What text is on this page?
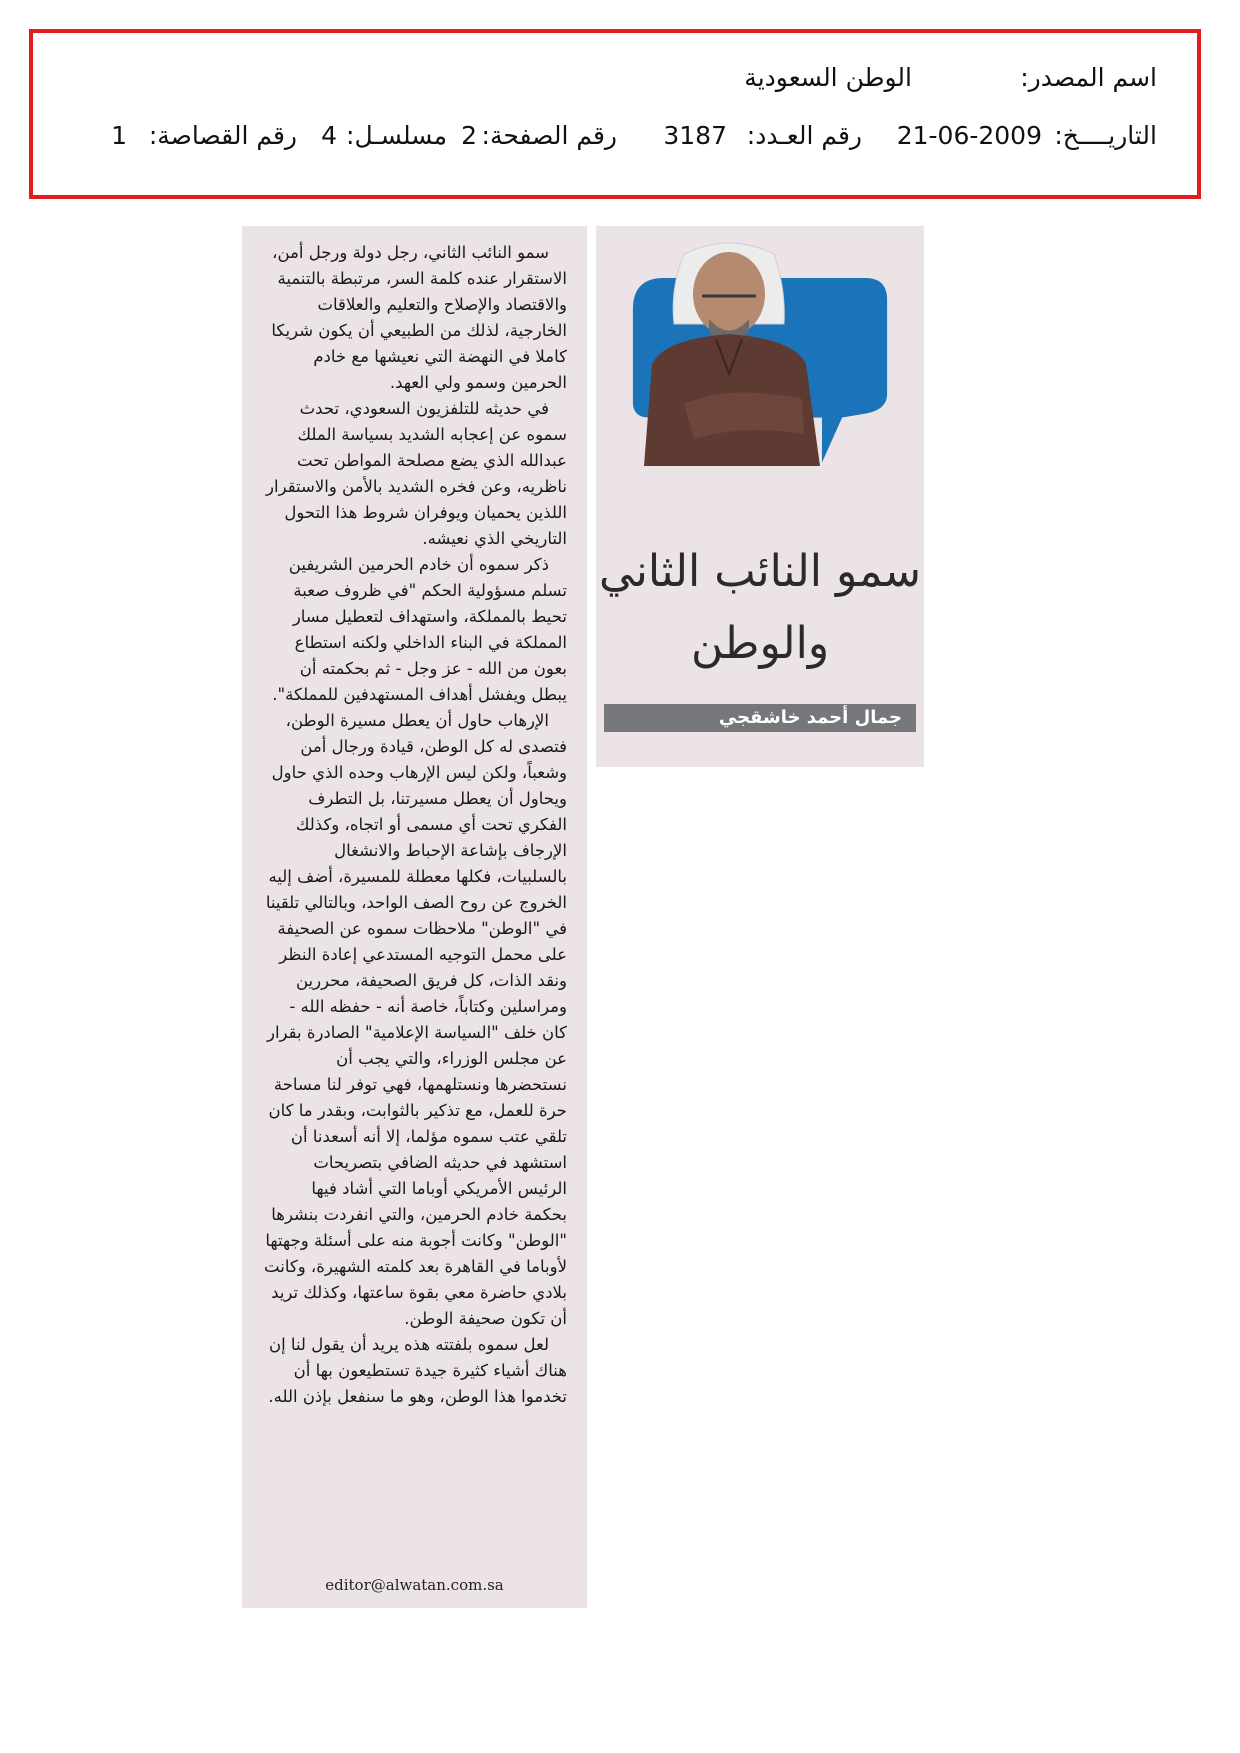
اسم المصدر:
الوطن السعودية
التاريــــخ:
21-06-2009
رقم العـدد:
3187
رقم الصفحة:
2
مسلسـل:
4
رقم القصاصة:
1

سمو النائب الثاني، رجل دولة ورجل أمن، الاستقرار عنده كلمة السر، مرتبطة بالتنمية والاقتصاد والإصلاح والتعليم والعلاقات الخارجية، لذلك من الطبيعي أن يكون شريكا كاملا في النهضة التي نعيشها مع خادم الحرمين وسمو ولي العهد.

في حديثه للتلفزيون السعودي، تحدث سموه عن إعجابه الشديد بسياسة الملك عبدالله الذي يضع مصلحة المواطن تحت ناظريه، وعن فخره الشديد بالأمن والاستقرار اللذين يحميان ويوفران شروط هذا التحول التاريخي الذي نعيشه.

ذكر سموه أن خادم الحرمين الشريفين تسلم مسؤولية الحكم "في ظروف صعبة تحيط بالمملكة، واستهداف لتعطيل مسار المملكة في البناء الداخلي ولكنه استطاع بعون من الله - عز وجل - ثم بحكمته أن يبطل ويفشل أهداف المستهدفين للمملكة".

الإرهاب حاول أن يعطل مسيرة الوطن، فتصدى له كل الوطن، قيادة ورجال أمن وشعباً، ولكن ليس الإرهاب وحده الذي حاول ويحاول أن يعطل مسيرتنا، بل التطرف الفكري تحت أي مسمى أو اتجاه، وكذلك الإرجاف بإشاعة الإحباط والانشغال بالسلبيات، فكلها معطلة للمسيرة، أضف إليه الخروج عن روح الصف الواحد، وبالتالي تلقينا في "الوطن" ملاحظات سموه عن الصحيفة على محمل التوجيه المستدعي إعادة النظر ونقد الذات، كل فريق الصحيفة، محررين ومراسلين وكتاباً، خاصة أنه - حفظه الله - كان خلف "السياسة الإعلامية" الصادرة بقرار عن مجلس الوزراء، والتي يجب أن نستحضرها ونستلهمها، فهي توفر لنا مساحة حرة للعمل، مع تذكير بالثوابت، وبقدر ما كان تلقي عتب سموه مؤلما، إلا أنه أسعدنا أن استشهد في حديثه الضافي بتصريحات الرئيس الأمريكي أوباما التي أشاد فيها بحكمة خادم الحرمين، والتي انفردت بنشرها "الوطن" وكانت أجوبة منه على أسئلة وجهتها لأوباما في القاهرة بعد كلمته الشهيرة، وكانت بلادي حاضرة معي بقوة ساعتها، وكذلك تريد أن تكون صحيفة الوطن.

لعل سموه بلفتته هذه يريد أن يقول لنا إن هناك أشياء كثيرة جيدة تستطيعون بها أن تخدموا هذا الوطن، وهو ما سنفعل بإذن الله.

editor@alwatan.com.sa
سمو النائب الثاني
والوطن
جمال أحمد خاشقجي
